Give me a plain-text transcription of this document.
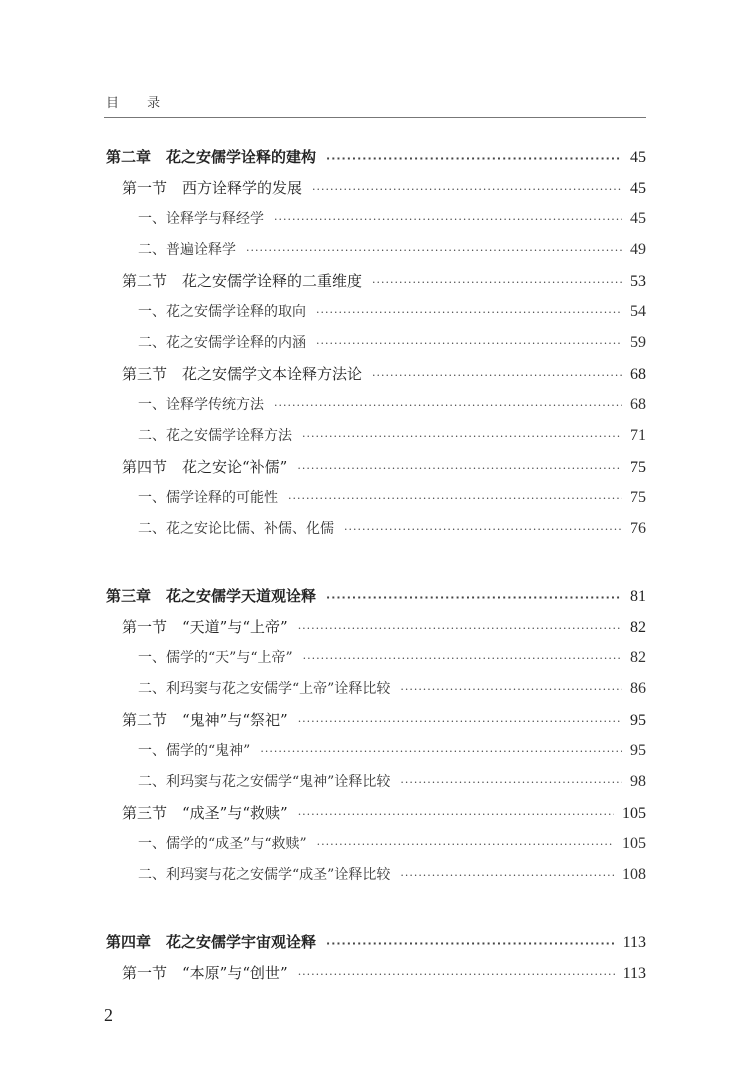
目 录
第二章　花之安儒学诠释的建构 ·····	45
第一节　西方诠释学的发展 ·····	45
一、诠释学与释经学 ·····	45
二、普遍诠释学 ·····	49
第二节　花之安儒学诠释的二重维度 ·····	53
一、花之安儒学诠释的取向 ·····	54
二、花之安儒学诠释的内涵 ·····	59
第三节　花之安儒学文本诠释方法论 ·····	68
一、诠释学传统方法 ·····	68
二、花之安儒学诠释方法 ·····	71
第四节　花之安论“补儒” ·····	75
一、儒学诠释的可能性 ·····	75
二、花之安论比儒、补儒、化儒 ·····	76
第三章　花之安儒学天道观诠释 ·····	81
第一节　“天道”与“上帝” ·····	82
一、儒学的“天”与“上帝” ·····	82
二、利玛窦与花之安儒学“上帝”诠释比较 ·····	86
第二节　“鬼神”与“祭祀” ·····	95
一、儒学的“鬼神” ·····	95
二、利玛窦与花之安儒学“鬼神”诠释比较 ·····	98
第三节　“成圣”与“救赎” ·····	105
一、儒学的“成圣”与“救赎” ·····	105
二、利玛窦与花之安儒学“成圣”诠释比较 ·····	108
第四章　花之安儒学宇宙观诠释 ·····	113
第一节　“本原”与“创世” ·····	113
2
